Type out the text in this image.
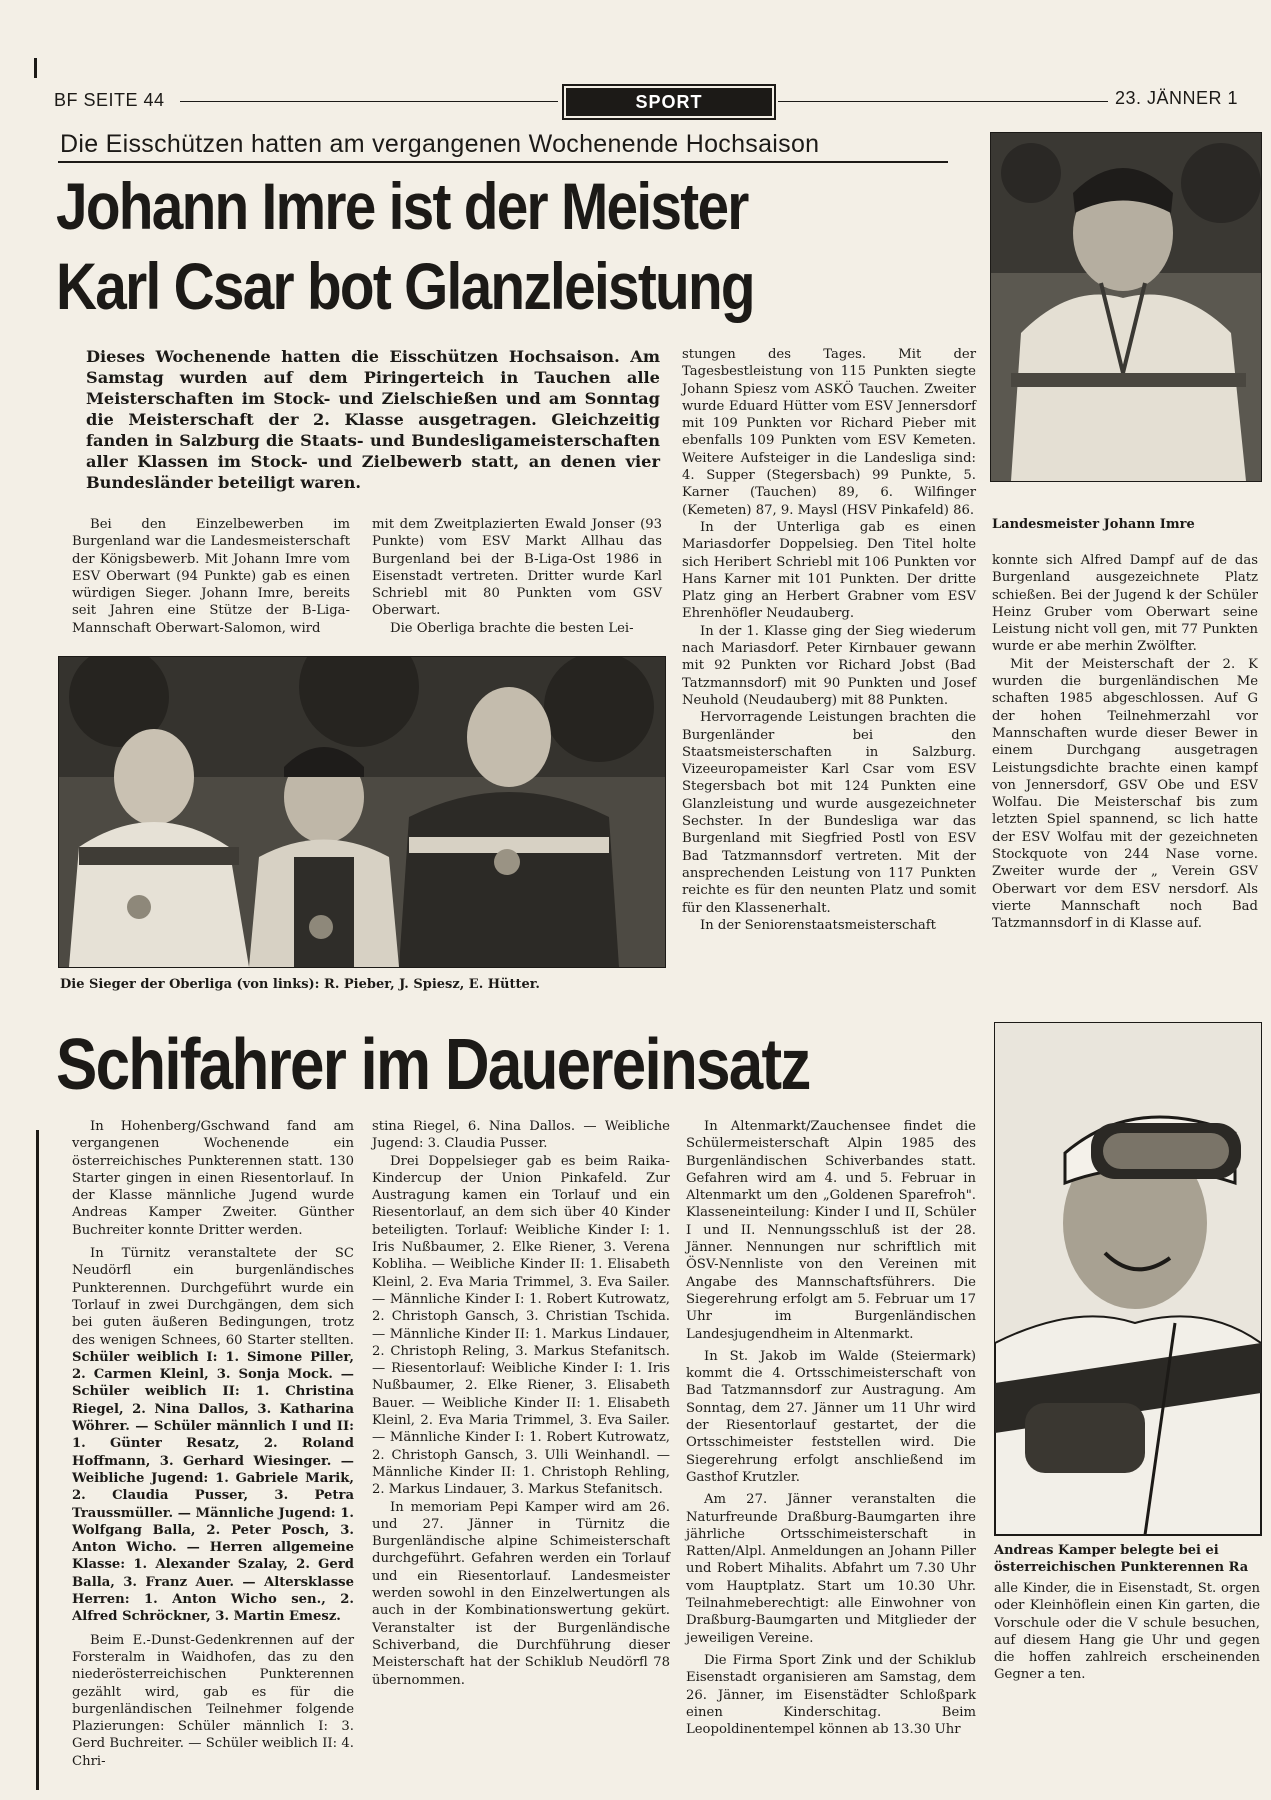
BF SEITE 44	SPORT	23. JÄNNER 1
Die Eisschützen hatten am vergangenen Wochenende Hochsaison
Johann Imre ist der Meister
Karl Csar bot Glanzleistung
Dieses Wochenende hatten die Eisschützen Hochsaison. Am Samstag wurden auf dem Piringerteich in Tauchen alle Meisterschaften im Stock- und Zielschießen und am Sonntag die Meisterschaft der 2. Klasse ausgetragen. Gleichzeitig fanden in Salzburg die Staats- und Bundesligameisterschaften aller Klassen im Stock- und Zielbewerb statt, an denen vier Bundesländer beteiligt waren.

Bei den Einzelbewerben im Burgenland war die Landesmeisterschaft der Königsbewerb. Mit Johann Imre vom ESV Oberwart (94 Punkte) gab es einen würdigen Sieger. Johann Imre, bereits seit Jahren eine Stütze der B-Liga-Mannschaft Oberwart-Salomon, wird

mit dem Zweitplazierten Ewald Jonser (93 Punkte) vom ESV Markt Allhau das Burgenland bei der B-Liga-Ost 1986 in Eisenstadt vertreten. Dritter wurde Karl Schriebl mit 80 Punkten vom GSV Oberwart.

Die Oberliga brachte die besten Lei-

stungen des Tages. Mit der Tagesbestleistung von 115 Punkten siegte Johann Spiesz vom ASKÖ Tauchen. Zweiter wurde Eduard Hütter vom ESV Jennersdorf mit 109 Punkten vor Richard Pieber mit ebenfalls 109 Punkten vom ESV Kemeten. Weitere Aufsteiger in die Landesliga sind: 4. Supper (Stegersbach) 99 Punkte, 5. Karner (Tauchen) 89, 6. Wilfinger (Kemeten) 87, 9. Maysl (HSV Pinkafeld) 86.

In der Unterliga gab es einen Mariasdorfer Doppelsieg. Den Titel holte sich Heribert Schriebl mit 106 Punkten vor Hans Karner mit 101 Punkten. Der dritte Platz ging an Herbert Grabner vom ESV Ehrenhöfler Neudauberg.

In der 1. Klasse ging der Sieg wiederum nach Mariasdorf. Peter Kirnbauer gewann mit 92 Punkten vor Richard Jobst (Bad Tatzmannsdorf) mit 90 Punkten und Josef Neuhold (Neudauberg) mit 88 Punkten.

Hervorragende Leistungen brachten die Burgenländer bei den Staatsmeisterschaften in Salzburg. Vizeeuropameister Karl Csar vom ESV Stegersbach bot mit 124 Punkten eine Glanzleistung und wurde ausgezeichneter Sechster. In der Bundesliga war das Burgenland mit Siegfried Postl von ESV Bad Tatzmannsdorf vertreten. Mit der ansprechenden Leistung von 117 Punkten reichte es für den neunten Platz und somit für den Klassenerhalt.

In der Seniorenstaatsmeisterschaft

Landesmeister Johann Imre

konnte sich Alfred Dampf auf de das Burgenland ausgezeichnete Platz schießen. Bei der Jugend k der Schüler Heinz Gruber vom Oberwart seine Leistung nicht voll gen, mit 77 Punkten wurde er abe merhin Zwölfter.

Mit der Meisterschaft der 2. K wurden die burgenländischen Me schaften 1985 abgeschlossen. Auf G der hohen Teilnehmerzahl vor Mannschaften wurde dieser Bewer in einem Durchgang ausgetragen Leistungsdichte brachte einen kampf von Jennersdorf, GSV Obe und ESV Wolfau. Die Meisterschaf bis zum letzten Spiel spannend, sc lich hatte der ESV Wolfau mit der gezeichneten Stockquote von 244 Nase vorne. Zweiter wurde der „ Verein GSV Oberwart vor dem ESV nersdorf. Als vierte Mannschaft noch Bad Tatzmannsdorf in di Klasse auf.

Die Sieger der Oberliga (von links): R. Pieber, J. Spiesz, E. Hütter.
Schifahrer im Dauereinsatz

In Hohenberg/Gschwand fand am vergangenen Wochenende ein österreichisches Punkterennen statt. 130 Starter gingen in einen Riesentorlauf. In der Klasse männliche Jugend wurde Andreas Kamper Zweiter. Günther Buchreiter konnte Dritter werden.

In Türnitz veranstaltete der SC Neudörfl ein burgenländisches Punkterennen. Durchgeführt wurde ein Torlauf in zwei Durchgängen, dem sich bei guten äußeren Bedingungen, trotz des wenigen Schnees, 60 Starter stellten. Schüler weiblich I: 1. Simone Piller, 2. Carmen Kleinl, 3. Sonja Mock. — Schüler weiblich II: 1. Christina Riegel, 2. Nina Dallos, 3. Katharina Wöhrer. — Schüler männlich I und II: 1. Günter Resatz, 2. Roland Hoffmann, 3. Gerhard Wiesinger. — Weibliche Jugend: 1. Gabriele Marik, 2. Claudia Pusser, 3. Petra Traussmüller. — Männliche Jugend: 1. Wolfgang Balla, 2. Peter Posch, 3. Anton Wicho. — Herren allgemeine Klasse: 1. Alexander Szalay, 2. Gerd Balla, 3. Franz Auer. — Altersklasse Herren: 1. Anton Wicho sen., 2. Alfred Schröckner, 3. Martin Emesz.

Beim E.-Dunst-Gedenkrennen auf der Forsteralm in Waidhofen, das zu den niederösterreichischen Punkterennen gezählt wird, gab es für die burgenländischen Teilnehmer folgende Plazierungen: Schüler männlich I: 3. Gerd Buchreiter. — Schüler weiblich II: 4. Chri-

stina Riegel, 6. Nina Dallos. — Weibliche Jugend: 3. Claudia Pusser.

Drei Doppelsieger gab es beim Raika-Kindercup der Union Pinkafeld. Zur Austragung kamen ein Torlauf und ein Riesentorlauf, an dem sich über 40 Kinder beteiligten. Torlauf: Weibliche Kinder I: 1. Iris Nußbaumer, 2. Elke Riener, 3. Verena Kobliha. — Weibliche Kinder II: 1. Elisabeth Kleinl, 2. Eva Maria Trimmel, 3. Eva Sailer. — Männliche Kinder I: 1. Robert Kutrowatz, 2. Christoph Gansch, 3. Christian Tschida. — Männliche Kinder II: 1. Markus Lindauer, 2. Christoph Reling, 3. Markus Stefanitsch. — Riesentorlauf: Weibliche Kinder I: 1. Iris Nußbaumer, 2. Elke Riener, 3. Elisabeth Bauer. — Weibliche Kinder II: 1. Elisabeth Kleinl, 2. Eva Maria Trimmel, 3. Eva Sailer. — Männliche Kinder I: 1. Robert Kutrowatz, 2. Christoph Gansch, 3. Ulli Weinhandl. — Männliche Kinder II: 1. Christoph Rehling, 2. Markus Lindauer, 3. Markus Stefanitsch.

In memoriam Pepi Kamper wird am 26. und 27. Jänner in Türnitz die Burgenländische alpine Schimeisterschaft durchgeführt. Gefahren werden ein Torlauf und ein Riesentorlauf. Landesmeister werden sowohl in den Einzelwertungen als auch in der Kombinationswertung gekürt. Veranstalter ist der Burgenländische Schiverband, die Durchführung dieser Meisterschaft hat der Schiklub Neudörfl 78 übernommen.

In Altenmarkt/Zauchensee findet die Schülermeisterschaft Alpin 1985 des Burgenländischen Schiverbandes statt. Gefahren wird am 4. und 5. Februar in Altenmarkt um den „Goldenen Sparefroh". Klasseneinteilung: Kinder I und II, Schüler I und II. Nennungsschluß ist der 28. Jänner. Nennungen nur schriftlich mit ÖSV-Nennliste von den Vereinen mit Angabe des Mannschaftsführers. Die Siegerehrung erfolgt am 5. Februar um 17 Uhr im Burgenländischen Landesjugendheim in Altenmarkt.

In St. Jakob im Walde (Steiermark) kommt die 4. Ortsschimeisterschaft von Bad Tatzmannsdorf zur Austragung. Am Sonntag, dem 27. Jänner um 11 Uhr wird der Riesentorlauf gestartet, der die Ortsschimeister feststellen wird. Die Siegerehrung erfolgt anschließend im Gasthof Krutzler.

Am 27. Jänner veranstalten die Naturfreunde Draßburg-Baumgarten ihre jährliche Ortsschimeisterschaft in Ratten/Alpl. Anmeldungen an Johann Piller und Robert Mihalits. Abfahrt um 7.30 Uhr vom Hauptplatz. Start um 10.30 Uhr. Teilnahmeberechtigt: alle Einwohner von Draßburg-Baumgarten und Mitglieder der jeweiligen Vereine.

Die Firma Sport Zink und der Schiklub Eisenstadt organisieren am Samstag, dem 26. Jänner, im Eisenstädter Schloßpark einen Kinderschitag. Beim Leopoldinentempel können ab 13.30 Uhr

Andreas Kamper belegte bei ei österreichischen Punkterennen Ra

alle Kinder, die in Eisenstadt, St. orgen oder Kleinhöflein einen Kin garten, die Vorschule oder die V schule besuchen, auf diesem Hang gie Uhr und gegen die hoffen zahlreich erscheinenden Gegner a ten.
